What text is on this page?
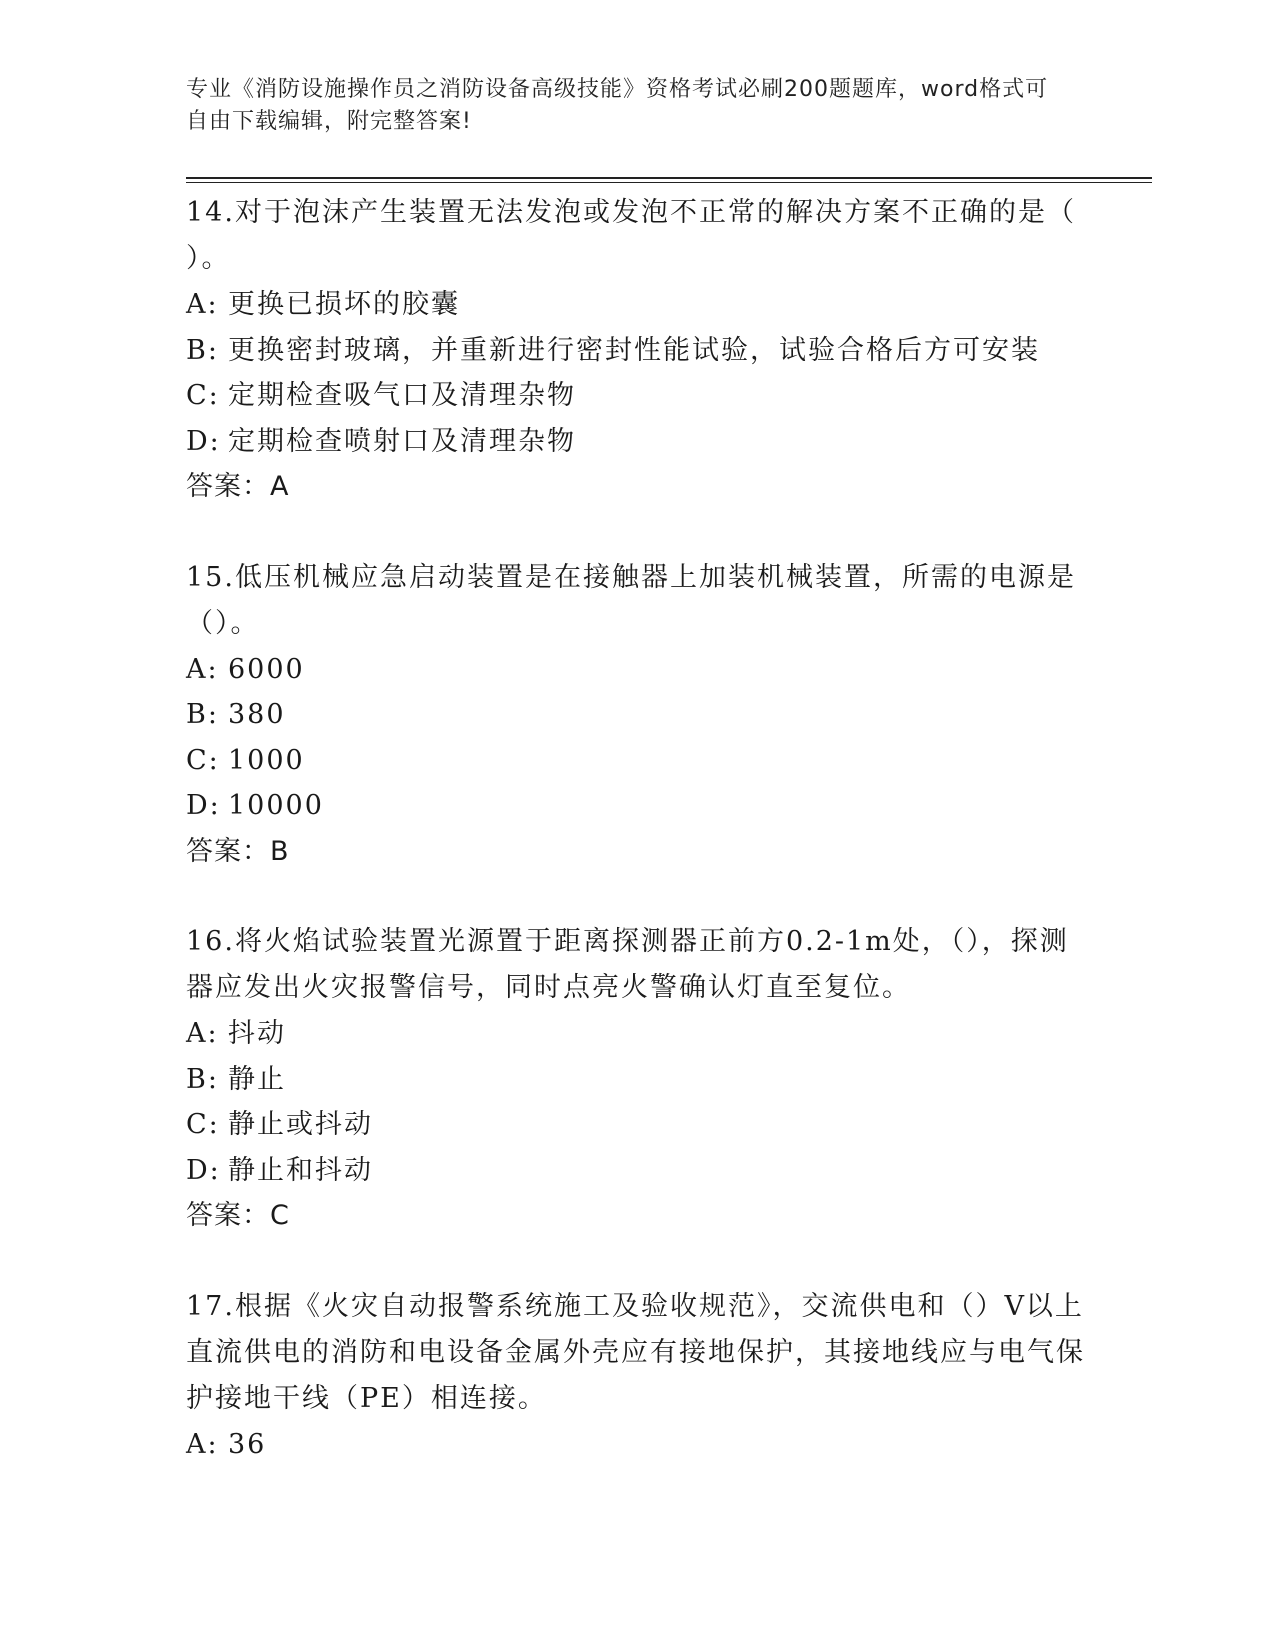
专业《消防设施操作员之消防设备高级技能》资格考试必刷200题题库，word格式可自由下载编辑，附完整答案!

14.对于泡沫产生装置无法发泡或发泡不正常的解决方案不正确的是（ ）。

A: 更换已损坏的胶囊
B: 更换密封玻璃，并重新进行密封性能试验，试验合格后方可安装
C: 定期检查吸气口及清理杂物
D: 定期检查喷射口及清理杂物

答案：A

15.低压机械应急启动装置是在接触器上加装机械装置，所需的电源是（）。

A: 6000
B: 380
C: 1000
D: 10000

答案：B

16.将火焰试验装置光源置于距离探测器正前方0.2-1m处，（），探测器应发出火灾报警信号，同时点亮火警确认灯直至复位。

A: 抖动
B: 静止
C: 静止或抖动
D: 静止和抖动

答案：C

17.根据《火灾自动报警系统施工及验收规范》，交流供电和（）V以上直流供电的消防和电设备金属外壳应有接地保护，其接地线应与电气保护接地干线（PE）相连接。

A: 36
